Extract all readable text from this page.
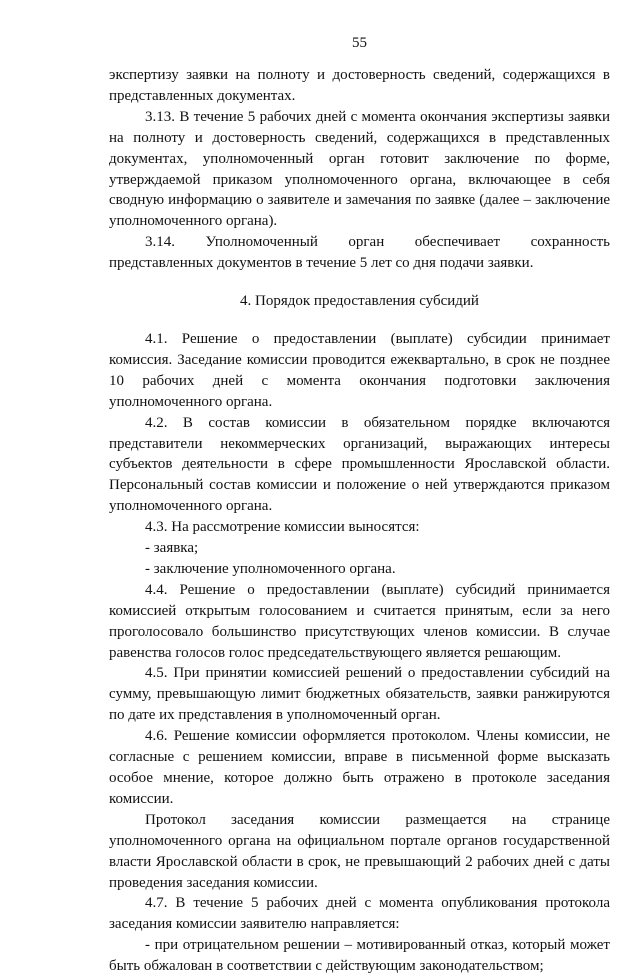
55

экспертизу заявки на полноту и достоверность сведений, содержащихся в представленных документах.

3.13. В течение 5 рабочих дней с момента окончания экспертизы заявки на полноту и достоверность сведений, содержащихся в представленных документах, уполномоченный орган готовит заключение по форме, утверждаемой приказом уполномоченного органа, включающее в себя сводную информацию о заявителе и замечания по заявке (далее – заключение уполномоченного органа).

3.14. Уполномоченный орган обеспечивает сохранность представленных документов в течение 5 лет со дня подачи заявки.

4. Порядок предоставления субсидий

4.1. Решение о предоставлении (выплате) субсидии принимает комиссия. Заседание комиссии проводится ежеквартально, в срок не позднее 10 рабочих дней с момента окончания подготовки заключения уполномоченного органа.

4.2. В состав комиссии в обязательном порядке включаются представители некоммерческих организаций, выражающих интересы субъектов деятельности в сфере промышленности Ярославской области. Персональный состав комиссии и положение о ней утверждаются приказом уполномоченного органа.

4.3. На рассмотрение комиссии выносятся:

- заявка;

- заключение уполномоченного органа.

4.4. Решение о предоставлении (выплате) субсидий принимается комиссией открытым голосованием и считается принятым, если за него проголосовало большинство присутствующих членов комиссии. В случае равенства голосов голос председательствующего является решающим.

4.5. При принятии комиссией решений о предоставлении субсидий на сумму, превышающую лимит бюджетных обязательств, заявки ранжируются по дате их представления в уполномоченный орган.

4.6. Решение комиссии оформляется протоколом. Члены комиссии, не согласные с решением комиссии, вправе в письменной форме высказать особое мнение, которое должно быть отражено в протоколе заседания комиссии.

Протокол заседания комиссии размещается на странице уполномоченного органа на официальном портале органов государственной власти Ярославской области в срок, не превышающий 2 рабочих дней с даты проведения заседания комиссии.

4.7. В течение 5 рабочих дней с момента опубликования протокола заседания комиссии заявителю направляется:

- при отрицательном решении – мотивированный отказ, который может быть обжалован в соответствии с действующим законодательством;
